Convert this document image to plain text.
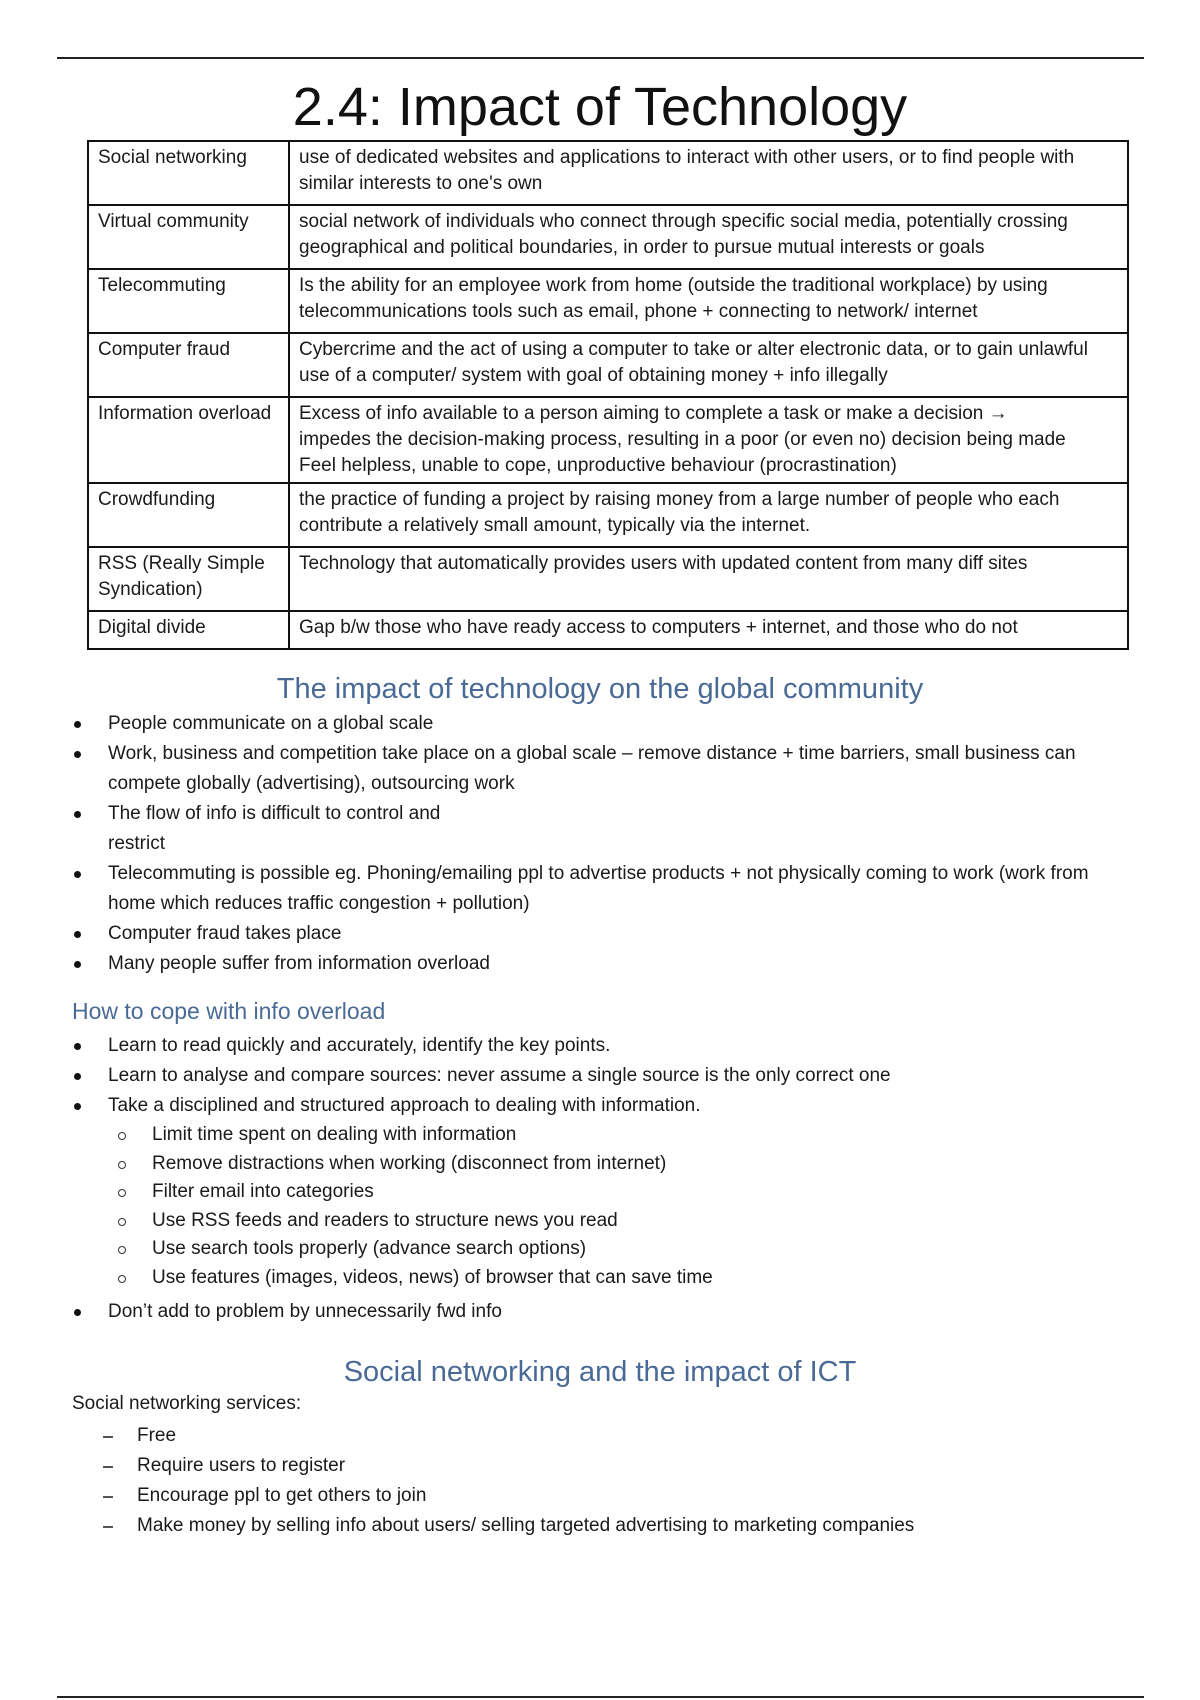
2.4: Impact of Technology
Social networking	use of dedicated websites and applications to interact with other users, or to find people with similar interests to one's own
Virtual community	social network of individuals who connect through specific social media, potentially crossing geographical and political boundaries, in order to pursue mutual interests or goals
Telecommuting	Is the ability for an employee work from home (outside the traditional workplace) by using telecommunications tools such as email, phone + connecting to network/ internet
Computer fraud	Cybercrime and the act of using a computer to take or alter electronic data, or to gain unlawful use of a computer/ system with goal of obtaining money + info illegally
Information overload	Excess of info available to a person aiming to complete a task or make a decision →
impedes the decision-making process, resulting in a poor (or even no) decision being made
Feel helpless, unable to cope, unproductive behaviour (procrastination)

Crowdfunding	the practice of funding a project by raising money from a large number of people who each contribute a relatively small amount, typically via the internet.
RSS (Really Simple Syndication)	Technology that automatically provides users with updated content from many diff sites
Digital divide	Gap b/w those who have ready access to computers + internet, and those who do not
The impact of technology on the global community
People communicate on a global scale
Work, business and competition take place on a global scale – remove distance + time barriers, small business can compete globally (advertising), outsourcing work
The flow of info is difficult to control and
restrict
Telecommuting is possible eg. Phoning/emailing ppl to advertise products + not physically coming to work (work from home which reduces traffic congestion + pollution)
Computer fraud takes place
Many people suffer from information overload
How to cope with info overload
Learn to read quickly and accurately, identify the key points.
Learn to analyse and compare sources: never assume a single source is the only correct one
Take a disciplined and structured approach to dealing with information.
Limit time spent on dealing with information
Remove distractions when working (disconnect from internet)
Filter email into categories
Use RSS feeds and readers to structure news you read
Use search tools properly (advance search options)
Use features (images, videos, news) of browser that can save time
Don’t add to problem by unnecessarily fwd info
Social networking and the impact of ICT

Social networking services:

Free
Require users to register
Encourage ppl to get others to join
Make money by selling info about users/ selling targeted advertising to marketing companies
